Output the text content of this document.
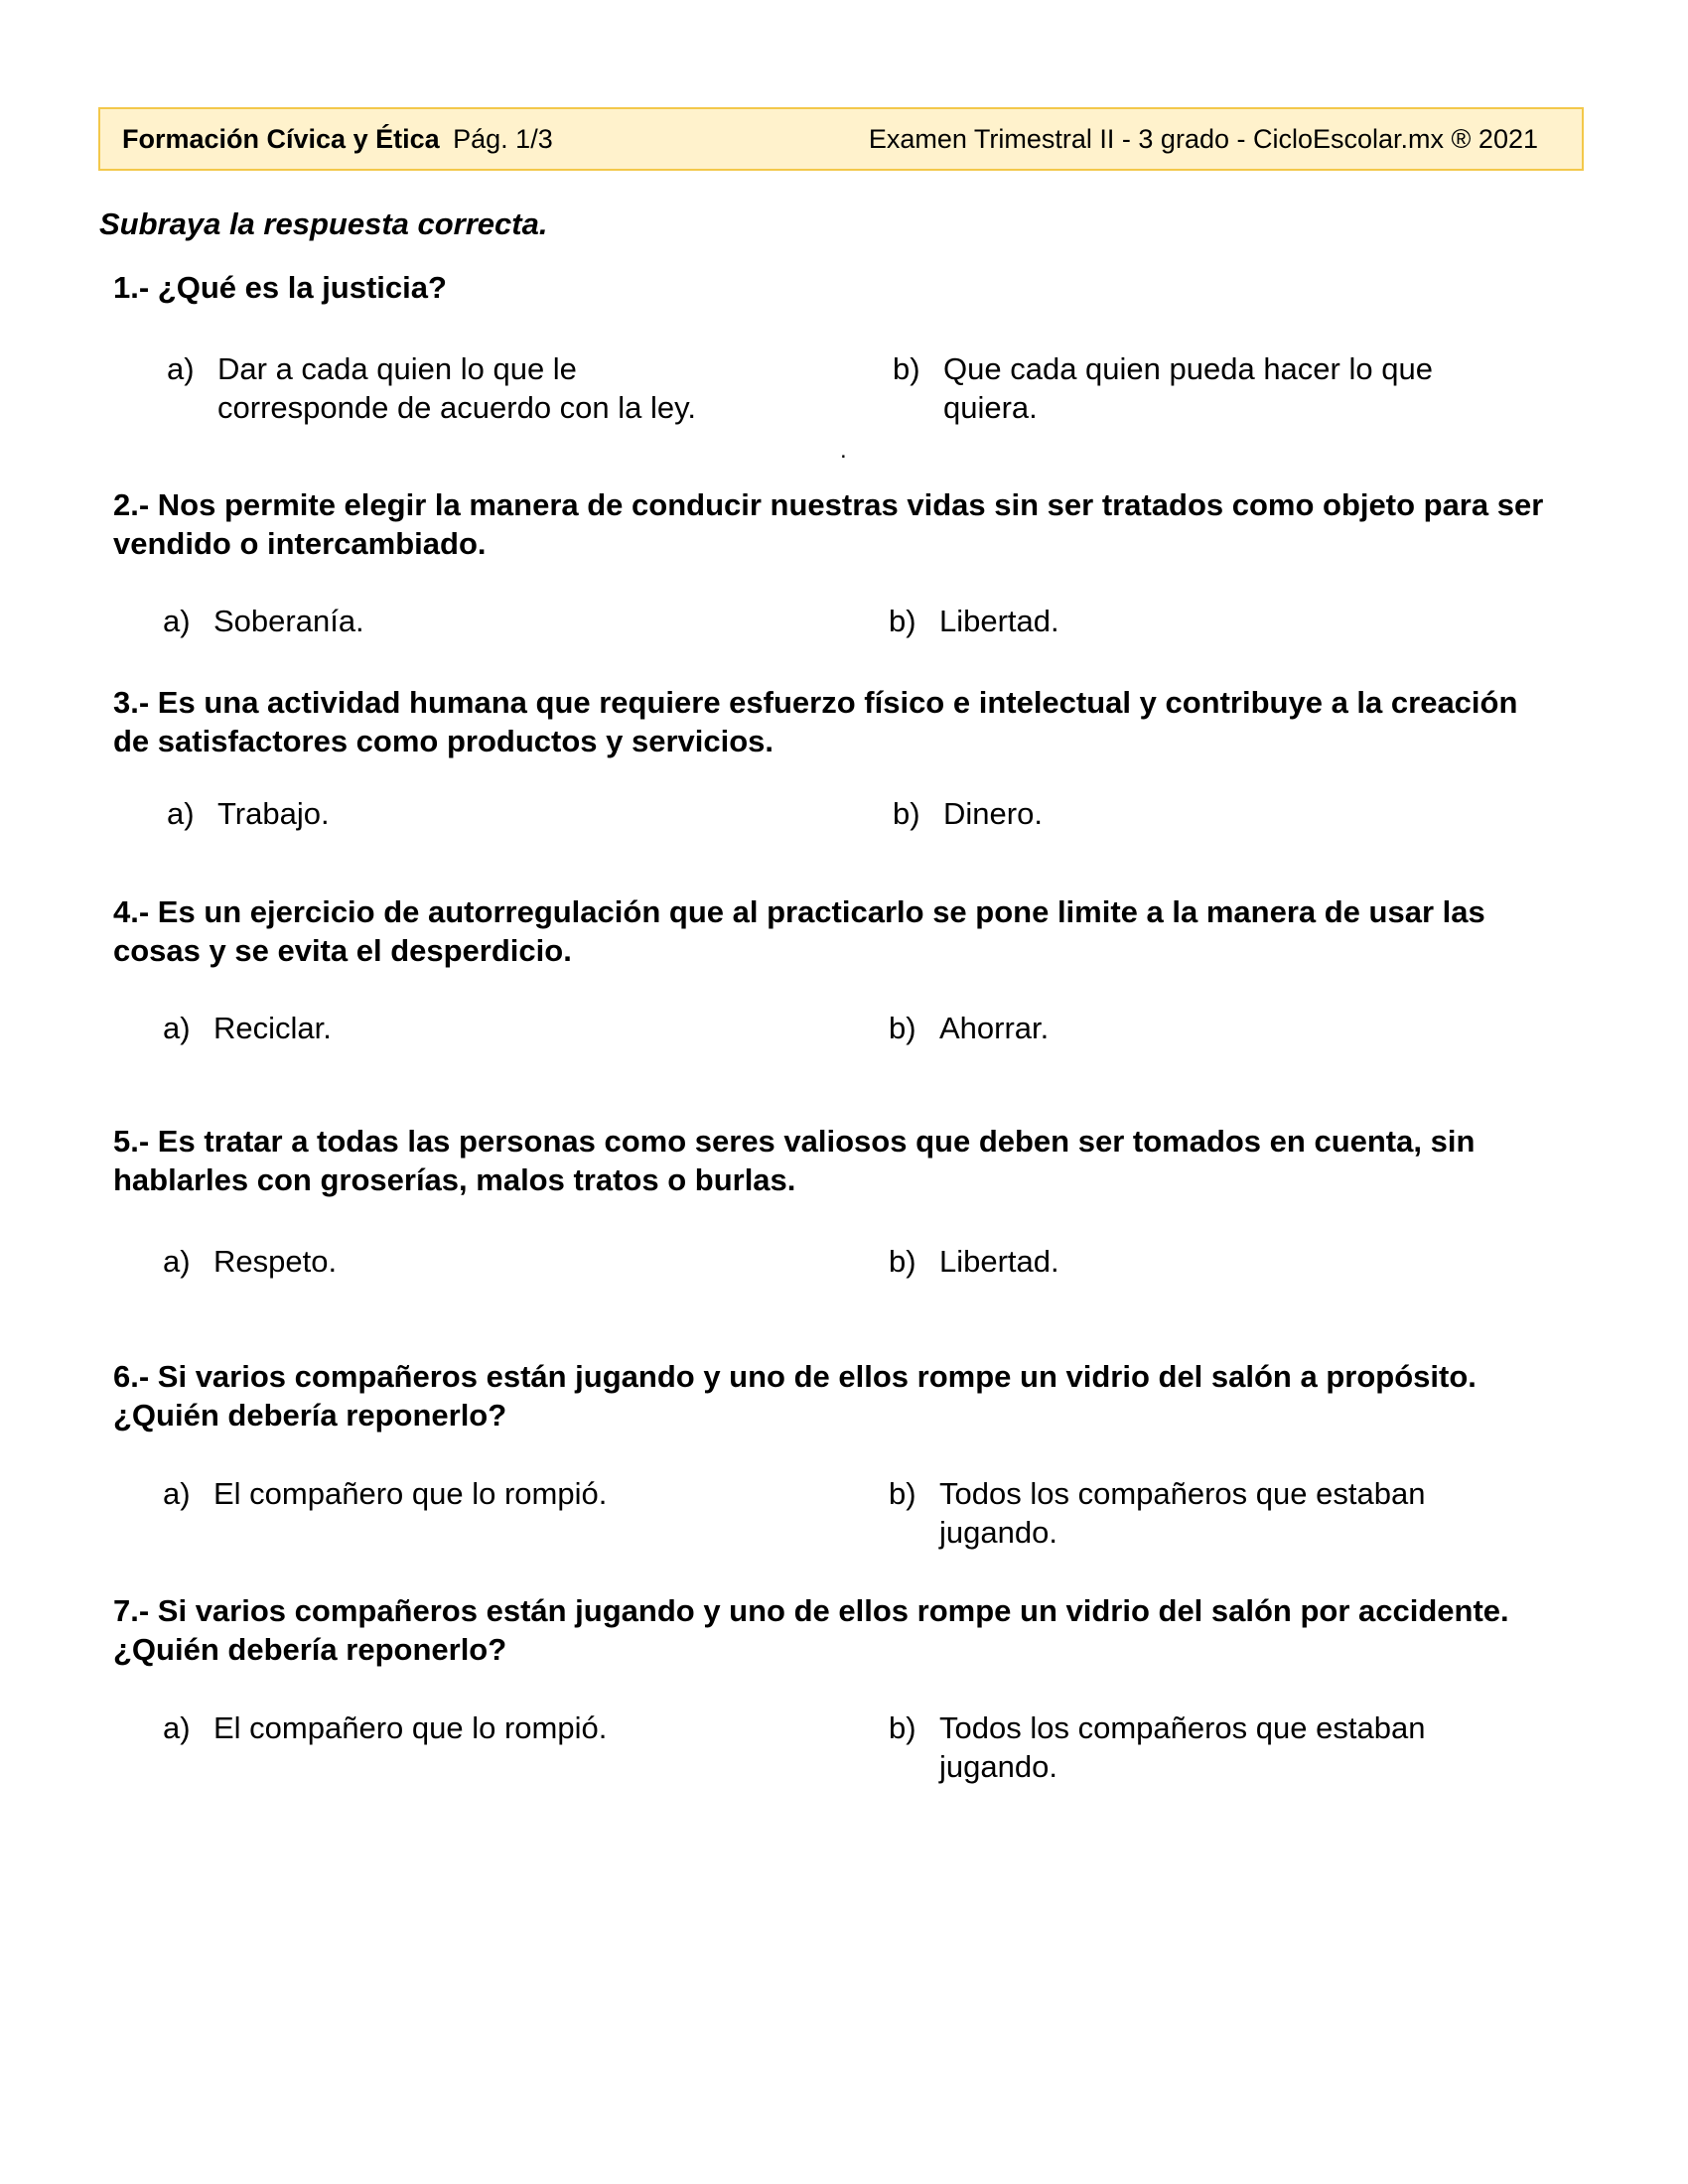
Formación Cívica y Ética Pág. 1/3	Examen Trimestral II - 3 grado - CicloEscolar.mx ® 2021
Subraya la respuesta correcta.
1.- ¿Qué es la justicia?
a) Dar a cada quien lo que le corresponde de acuerdo con la ley.
b) Que cada quien pueda hacer lo que quiera.
.
2.- Nos permite elegir la manera de conducir nuestras vidas sin ser tratados como objeto para ser vendido o intercambiado.
a) Soberanía.	b) Libertad.
3.- Es una actividad humana que requiere esfuerzo físico e intelectual y contribuye a la creación de satisfactores como productos y servicios.
a) Trabajo.	b) Dinero.
4.- Es un ejercicio de autorregulación que al practicarlo se pone limite a la manera de usar las cosas y se evita el desperdicio.
a) Reciclar.	b) Ahorrar.
5.- Es tratar a todas las personas como seres valiosos que deben ser tomados en cuenta, sin hablarles con groserías, malos tratos o burlas.
a) Respeto.	b) Libertad.
6.- Si varios compañeros están jugando y uno de ellos rompe un vidrio del salón a propósito. ¿Quién debería reponerlo?
a) El compañero que lo rompió.	b) Todos los compañeros que estaban jugando.
7.- Si varios compañeros están jugando y uno de ellos rompe un vidrio del salón por accidente. ¿Quién debería reponerlo?
a) El compañero que lo rompió.	b) Todos los compañeros que estaban jugando.
